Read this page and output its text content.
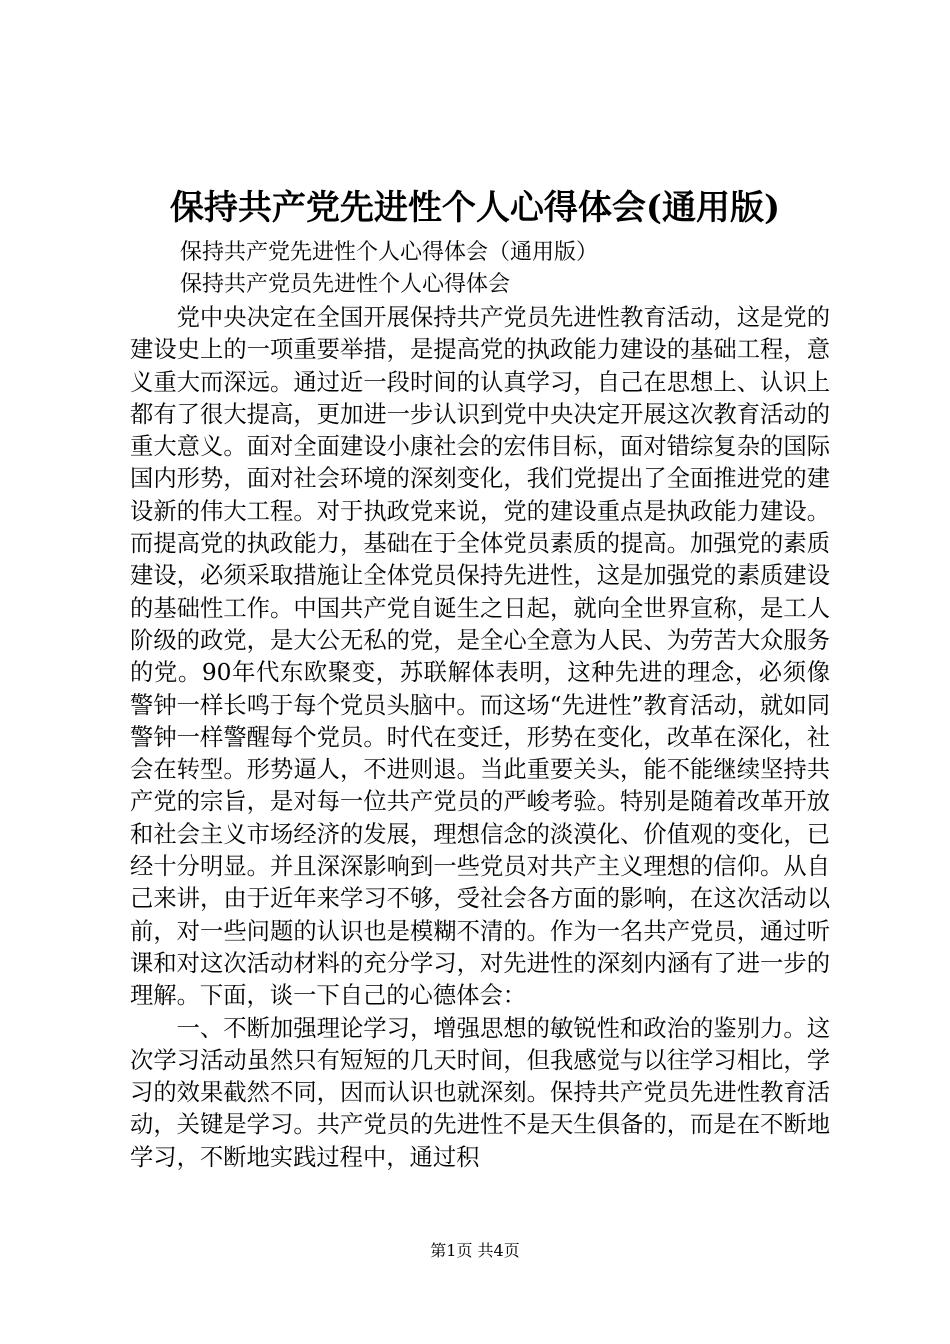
保持共产党先进性个人心得体会(通用版)
保持共产党先进性个人心得体会（通用版）
保持共产党员先进性个人心得体会

党中央决定在全国开展保持共产党员先进性教育活动，这是党的建设史上的一项重要举措，是提高党的执政能力建设的基础工程，意义重大而深远。通过近一段时间的认真学习，自己在思想上、认识上都有了很大提高，更加进一步认识到党中央决定开展这次教育活动的重大意义。面对全面建设小康社会的宏伟目标，面对错综复杂的国际国内形势，面对社会环境的深刻变化，我们党提出了全面推进党的建设新的伟大工程。对于执政党来说，党的建设重点是执政能力建设。而提高党的执政能力，基础在于全体党员素质的提高。加强党的素质建设，必须采取措施让全体党员保持先进性，这是加强党的素质建设的基础性工作。中国共产党自诞生之日起，就向全世界宣称，是工人阶级的政党，是大公无私的党，是全心全意为人民、为劳苦大众服务的党。90年代东欧聚变，苏联解体表明，这种先进的理念，必须像警钟一样长鸣于每个党员头脑中。而这场“先进性”教育活动，就如同警钟一样警醒每个党员。时代在变迁，形势在变化，改革在深化，社会在转型。形势逼人，不进则退。当此重要关头，能不能继续坚持共产党的宗旨，是对每一位共产党员的严峻考验。特别是随着改革开放和社会主义市场经济的发展，理想信念的淡漠化、价值观的变化，已经十分明显。并且深深影响到一些党员对共产主义理想的信仰。从自己来讲，由于近年来学习不够，受社会各方面的影响，在这次活动以前，对一些问题的认识也是模糊不清的。作为一名共产党员，通过听课和对这次活动材料的充分学习，对先进性的深刻内涵有了进一步的理解。下面，谈一下自己的心德体会：

一、不断加强理论学习，增强思想的敏锐性和政治的鉴别力。这次学习活动虽然只有短短的几天时间，但我感觉与以往学习相比，学习的效果截然不同，因而认识也就深刻。保持共产党员先进性教育活动，关键是学习。共产党员的先进性不是天生俱备的，而是在不断地学习，不断地实践过程中，通过积

第1页 共4页
